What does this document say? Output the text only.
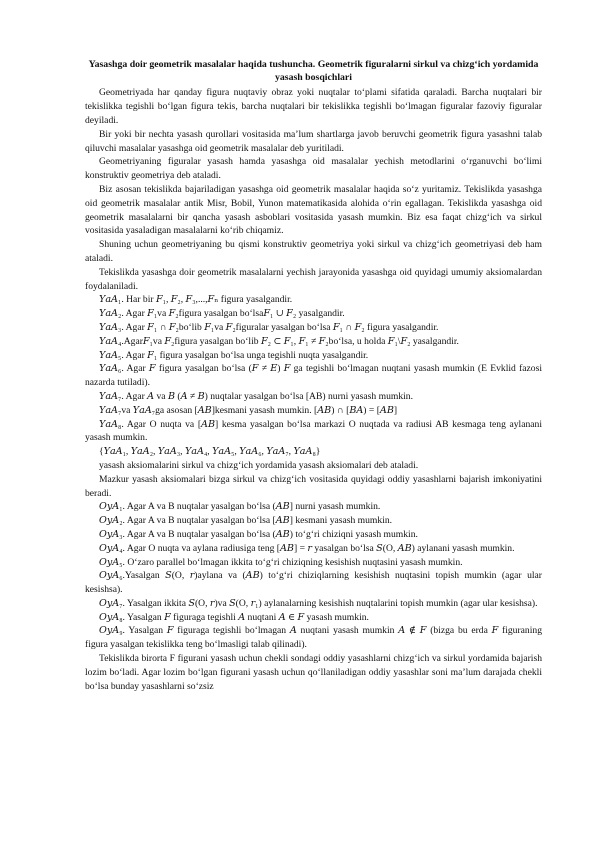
Yasashga doir geometrik masalalar haqida tushuncha. Geometrik figuralarni sirkul va chizg‘ich yordamida yasash bosqichlari

Geometriyada har qanday figura nuqtaviy obraz yoki nuqtalar to‘plami sifatida qaraladi. Barcha nuqtalari bir tekislikka tegishli bo‘lgan figura tekis, barcha nuqtalari bir tekislikka tegishli bo‘lmagan figuralar fazoviy figuralar deyiladi.

Bir yoki bir nechta yasash qurollari vositasida ma’lum shartlarga javob beruvchi geometrik figura yasashni talab qiluvchi masalalar yasashga oid geometrik masalalar deb yuritiladi.

Geometriyaning figuralar yasash hamda yasashga oid masalalar yechish metodlarini o‘rganuvchi bo‘limi konstruktiv geometriya deb ataladi.

Biz asosan tekislikda bajariladigan yasashga oid geometrik masalalar haqida so‘z yuritamiz. Tekislikda yasashga oid geometrik masalalar antik Misr, Bobil, Yunon matematikasida alohida o‘rin egallagan. Tekislikda yasashga oid geometrik masalalarni bir qancha yasash asboblari vositasida yasash mumkin. Biz esa faqat chizg‘ich va sirkul vositasida yasaladigan masalalarni ko‘rib chiqamiz.

Shuning uchun geometriyaning bu qismi konstruktiv geometriya yoki sirkul va chizg‘ich geometriyasi deb ham ataladi.

Tekislikda yasashga doir geometrik masalalarni yechish jarayonida yasashga oid quyidagi umumiy aksiomalardan foydalaniladi.

𝑌𝑎𝐴₁. Har bir 𝐹₁, 𝐹₂, 𝐹₃,...,𝐹ₙ figura yasalgandir.

𝑌𝑎𝐴₂. Agar 𝐹₁va 𝐹₂figura yasalgan bo‘lsa𝐹₁ ∪ 𝐹₂ yasalgandir.

𝑌𝑎𝐴₃. Agar 𝐹₁ ∩ 𝐹₂bo‘lib 𝐹₁va 𝐹₂figuralar yasalgan bo‘lsa 𝐹₁ ∩ 𝐹₂ figura yasalgandir.

𝑌𝑎𝐴₄.Agar𝐹₁va 𝐹₂figura yasalgan bo‘lib 𝐹₂ ⊂ 𝐹₁, 𝐹₁ ≠ 𝐹₂bo‘lsa, u holda 𝐹₁\𝐹₂ yasalgandir.

𝑌𝑎𝐴₅. Agar 𝐹₁ figura yasalgan bo‘lsa unga tegishli nuqta yasalgandir.

𝑌𝑎𝐴₆. Agar 𝐹 figura yasalgan bo‘lsa (𝐹 ≠ 𝐸) 𝐹 ga tegishli bo‘lmagan nuqtani yasash mumkin (E Evklid fazosi nazarda tutiladi).

𝑌𝑎𝐴₇. Agar 𝐴 va 𝐵 (𝐴 ≠ 𝐵) nuqtalar yasalgan bo‘lsa [AB) nurni yasash mumkin.

𝑌𝑎𝐴₇va 𝑌𝑎𝐴₇ga asosan [𝐴𝐵]kesmani yasash mumkin. [𝐴𝐵) ∩ [𝐵𝐴) = [𝐴𝐵]

𝑌𝑎𝐴₈. Agar O nuqta va [𝐴𝐵] kesma yasalgan bo‘lsa markazi O nuqtada va radiusi AB kesmaga teng aylanani yasash mumkin.

{𝑌𝑎𝐴₁, 𝑌𝑎𝐴₂, 𝑌𝑎𝐴₃, 𝑌𝑎𝐴₄, 𝑌𝑎𝐴₅, 𝑌𝑎𝐴₆, 𝑌𝑎𝐴₇, 𝑌𝑎𝐴₈}

yasash aksiomalarini sirkul va chizg‘ich yordamida yasash aksiomalari deb ataladi.

Mazkur yasash aksiomalari bizga sirkul va chizg‘ich vositasida quyidagi oddiy yasashlarni bajarish imkoniyatini beradi.

𝑂𝑦𝐴₁. Agar A va B nuqtalar yasalgan bo‘lsa (𝐴𝐵] nurni yasash mumkin.

𝑂𝑦𝐴₂. Agar A va B nuqtalar yasalgan bo‘lsa [𝐴𝐵] kesmani yasash mumkin.

𝑂𝑦𝐴₃. Agar A va B nuqtalar yasalgan bo‘lsa (𝐴𝐵) to‘g‘ri chiziqni yasash mumkin.

𝑂𝑦𝐴₄. Agar O nuqta va aylana radiusiga teng [𝐴𝐵] = 𝑟 yasalgan bo‘lsa 𝑆(O, 𝐴𝐵) aylanani yasash mumkin.

𝑂𝑦𝐴₅. O‘zaro parallel bo‘lmagan ikkita to‘g‘ri chiziqning kesishish nuqtasini yasash mumkin.

𝑂𝑦𝐴₆.Yasalgan 𝑆(O, 𝑟)aylana va (𝐴𝐵) to‘g‘ri chiziqlarning kesishish nuqtasini topish mumkin (agar ular kesishsa).

𝑂𝑦𝐴₇. Yasalgan ikkita 𝑆(O, 𝑟)va 𝑆(O, 𝑟₁) aylanalarning kesishish nuqtalarini topish mumkin (agar ular kesishsa).

𝑂𝑦𝐴₈. Yasalgan 𝐹 figuraga tegishli 𝐴 nuqtani 𝐴 ∈ 𝐹 yasash mumkin.

𝑂𝑦𝐴₉. Yasalgan 𝐹 figuraga tegishli bo‘lmagan 𝐴 nuqtani yasash mumkin 𝐴 ∉ 𝐹 (bizga bu erda 𝐹 figuraning figura yasalgan tekislikka teng bo‘lmasligi talab qilinadi).

Tekislikda birorta F figurani yasash uchun chekli sondagi oddiy yasashlarni chizg‘ich va sirkul yordamida bajarish lozim bo‘ladi. Agar lozim bo‘lgan figurani yasash uchun qo‘llaniladigan oddiy yasashlar soni ma’lum darajada chekli bo‘lsa bunday yasashlarni so‘zsiz
